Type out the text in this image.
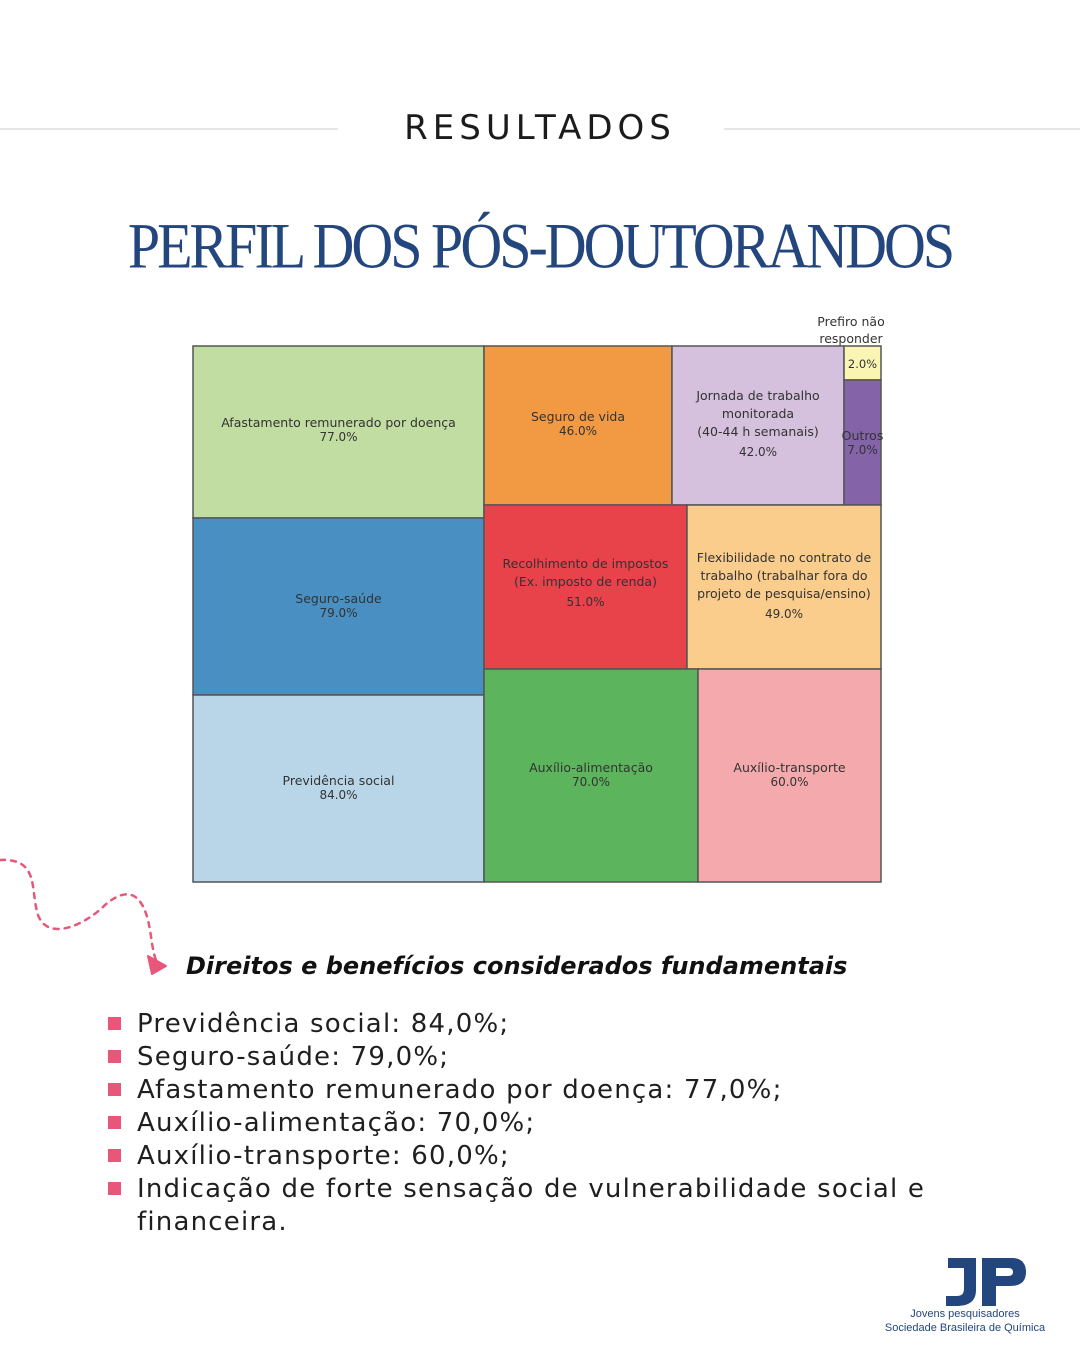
RESULTADOS
PERFIL DOS PÓS-DOUTORANDOS
Afastamento remunerado por doença
77.0%
Seguro-saúde
79.0%
Previdência social
84.0%
Seguro de vida
46.0%
Jornada de trabalho
monitorada
(40-44 h semanais)
42.0%
Prefiro não
responder
2.0%
Outros
7.0%
Recolhimento de impostos
(Ex. imposto de renda)
51.0%
Flexibilidade no contrato de
trabalho (trabalhar fora do
projeto de pesquisa/ensino)
49.0%
Auxílio-alimentação
70.0%
Auxílio-transporte
60.0%
Direitos e benefícios considerados fundamentais
Previdência social: 84,0%;
Seguro-saúde: 79,0%;
Afastamento remunerado por doença: 77,0%;
Auxílio-alimentação: 70,0%;
Auxílio-transporte: 60,0%;
Indicação de forte sensação de vulnerabilidade social e financeira.
Jovens pesquisadores
Sociedade Brasileira de Química
